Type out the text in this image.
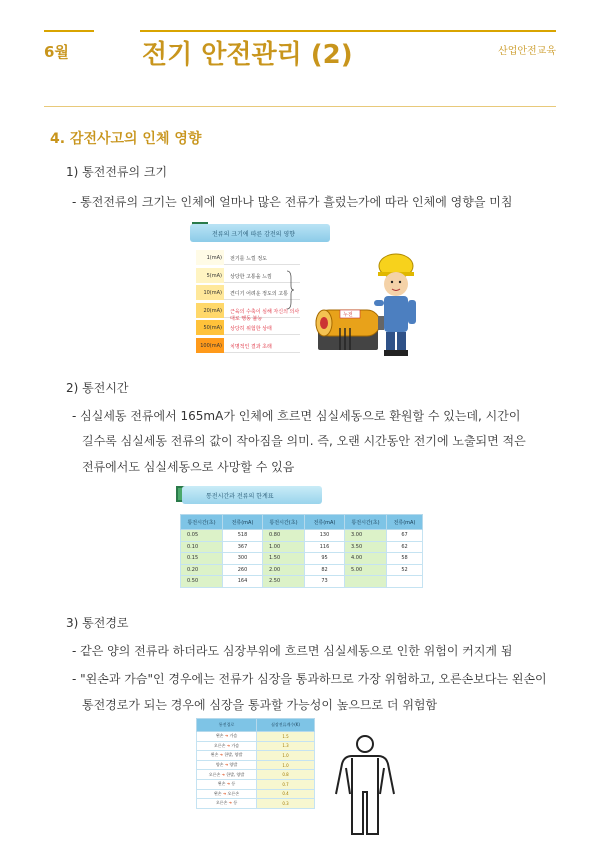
6월	전기 안전관리 (2)	산업안전교육
4. 감전사고의 인체 영향
1) 통전전류의 크기
- 통전전류의 크기는 인체에 얼마나 많은 전류가 흘렀는가에 따라 인체에 영향을 미침
전류의 크기에 따른 감전의 영향
1(mA)	전기를 느낄 정도
5(mA)	상당한 고통을 느낌
10(mA)	견디기 어려운 정도의 고통
20(mA)	근육의 수축이 심해 자신의 의사대로 행동 불능
50(mA)	상당히 위험한 상태
100(mA)	치명적인 결과 초래
누전
2) 통전시간
- 심실세동 전류에서 165mA가 인체에 흐르면 심실세동으로 환원할 수 있는데, 시간이
길수록 심실세동 전류의 값이 작아짐을 의미. 즉, 오랜 시간동안 전기에 노출되면 적은
전류에서도 심실세동으로 사망할 수 있음
통전시간과 전류의 한계표
통전시간(초)	전류(mA)	통전시간(초)	전류(mA)	통전시간(초)	전류(mA)
0.05	518	0.80	130	3.00	67
0.10	367	1.00	116	3.50	62
0.15	300	1.50	95	4.00	58
0.20	260	2.00	82	5.00	52
0.50	164	2.50	73		
3) 통전경로
- 같은 양의 전류라 하더라도 심장부위에 흐르면 심실세동으로 인한 위험이 커지게 됨
- "왼손과 가슴"인 경우에는 전류가 심장을 통과하므로 가장 위험하고, 오른손보다는 왼손이
통전경로가 되는 경우에 심장을 통과할 가능성이 높으므로 더 위험함
통전경로	심장전류계수(K)
왼손 ➜ 가슴	1.5
오른손 ➜ 가슴	1.3
왼손 ➜ 한발, 양발	1.0
양손 ➜ 양발	1.0
오른손 ➜ 한발, 양발	0.8
왼손 ➜ 등	0.7
왼손 ➜ 오른손	0.4
오른손 ➜ 등	0.3
